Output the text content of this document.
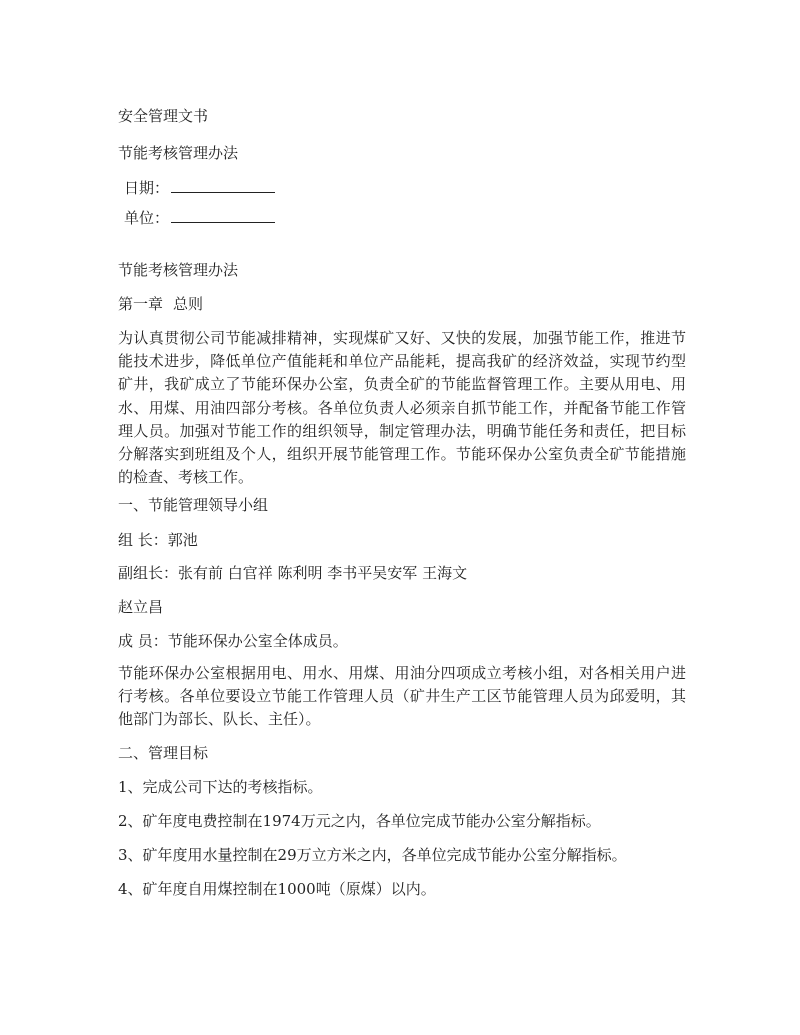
安全管理文书
节能考核管理办法
日期：
单位：
节能考核管理办法
第一章 总则
为认真贯彻公司节能减排精神，实现煤矿又好、又快的发展，加强节能工作，推进节能技术进步，降低单位产值能耗和单位产品能耗，提高我矿的经济效益，实现节约型矿井，我矿成立了节能环保办公室，负责全矿的节能监督管理工作。主要从用电、用水、用煤、用油四部分考核。各单位负责人必须亲自抓节能工作，并配备节能工作管理人员。加强对节能工作的组织领导，制定管理办法，明确节能任务和责任，把目标分解落实到班组及个人，组织开展节能管理工作。节能环保办公室负责全矿节能措施的检查、考核工作。
一、节能管理领导小组
组 长：郭池
副组长：张有前 白官祥 陈利明 李书平吴安军 王海文
赵立昌
成 员：节能环保办公室全体成员。
节能环保办公室根据用电、用水、用煤、用油分四项成立考核小组，对各相关用户进行考核。各单位要设立节能工作管理人员（矿井生产工区节能管理人员为邱爱明，其他部门为部长、队长、主任）。
二、管理目标
1、完成公司下达的考核指标。
2、矿年度电费控制在1974万元之内，各单位完成节能办公室分解指标。
3、矿年度用水量控制在29万立方米之内，各单位完成节能办公室分解指标。
4、矿年度自用煤控制在1000吨（原煤）以内。
